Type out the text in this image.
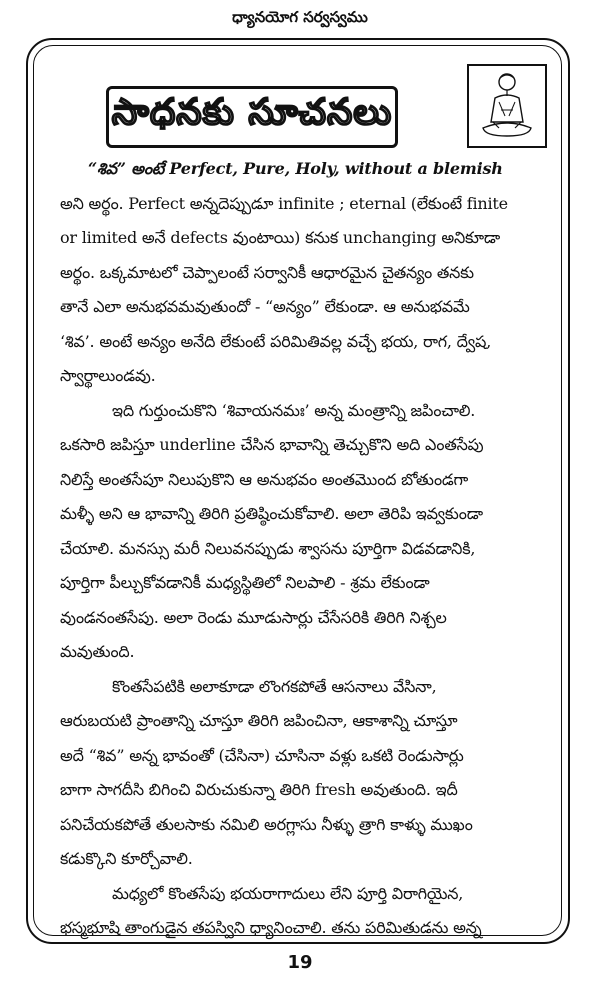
ధ్యానయోగ సర్వస్వము
సాధనకు సూచనలు
“శివ” అంటే Perfect, Pure, Holy, without a blemish
అని అర్థం. Perfect అన్నదెప్పుడూ infinite ; eternal (లేకుంటే finite
or limited అనే defects వుంటాయి) కనుక unchanging అనికూడా
అర్థం. ఒక్కమాటలో చెప్పాలంటే సర్వానికీ ఆధారమైన చైతన్యం తనకు
తానే ఎలా అనుభవమవుతుందో - “అన్యం” లేకుండా. ఆ అనుభవమే
‘శివ’. అంటే అన్యం అనేది లేకుంటే పరిమితివల్ల వచ్చే భయ, రాగ, ద్వేష,
స్వార్థాలుండవు.
ఇది గుర్తుంచుకొని ‘శివాయనమః’ అన్న మంత్రాన్ని జపించాలి.
ఒకసారి జపిస్తూ underline చేసిన భావాన్ని తెచ్చుకొని అది ఎంతసేపు
నిలిస్తే అంతసేపూ నిలుపుకొని ఆ అనుభవం అంతమొంద బోతుండగా
మళ్ళీ అని ఆ భావాన్ని తిరిగి ప్రతిష్ఠించుకోవాలి. అలా తెరిపి ఇవ్వకుండా
చేయాలి. మనస్సు మరీ నిలువనప్పుడు శ్వాసను పూర్తిగా విడవడానికి,
పూర్తిగా పీల్చుకోవడానికీ మధ్యస్థితిలో నిలపాలి - శ్రమ లేకుండా
వుండనంతసేపు. అలా రెండు మూడుసార్లు చేసేసరికి తిరిగి నిశ్చల
మవుతుంది.
కొంతసేపటికి అలాకూడా లొంగకపోతే ఆసనాలు వేసినా,
ఆరుబయటి ప్రాంతాన్ని చూస్తూ తిరిగి జపించినా, ఆకాశాన్ని చూస్తూ
అదే “శివ” అన్న భావంతో (చేసినా) చూసినా వళ్లు ఒకటి రెండుసార్లు
బాగా సాగదీసి బిగించి విరుచుకున్నా తిరిగి fresh అవుతుంది. ఇదీ
పనిచేయకపోతే తులసాకు నమిలి అరగ్లాసు నీళ్ళు త్రాగి కాళ్ళు ముఖం
కడుక్కొని కూర్చోవాలి.
మధ్యలో కొంతసేపు భయరాగాదులు లేని పూర్తి విరాగియైన,
భస్మభూషి తాంగుడైన తపస్విని ధ్యానించాలి. తను పరిమితుడను అన్న
19
